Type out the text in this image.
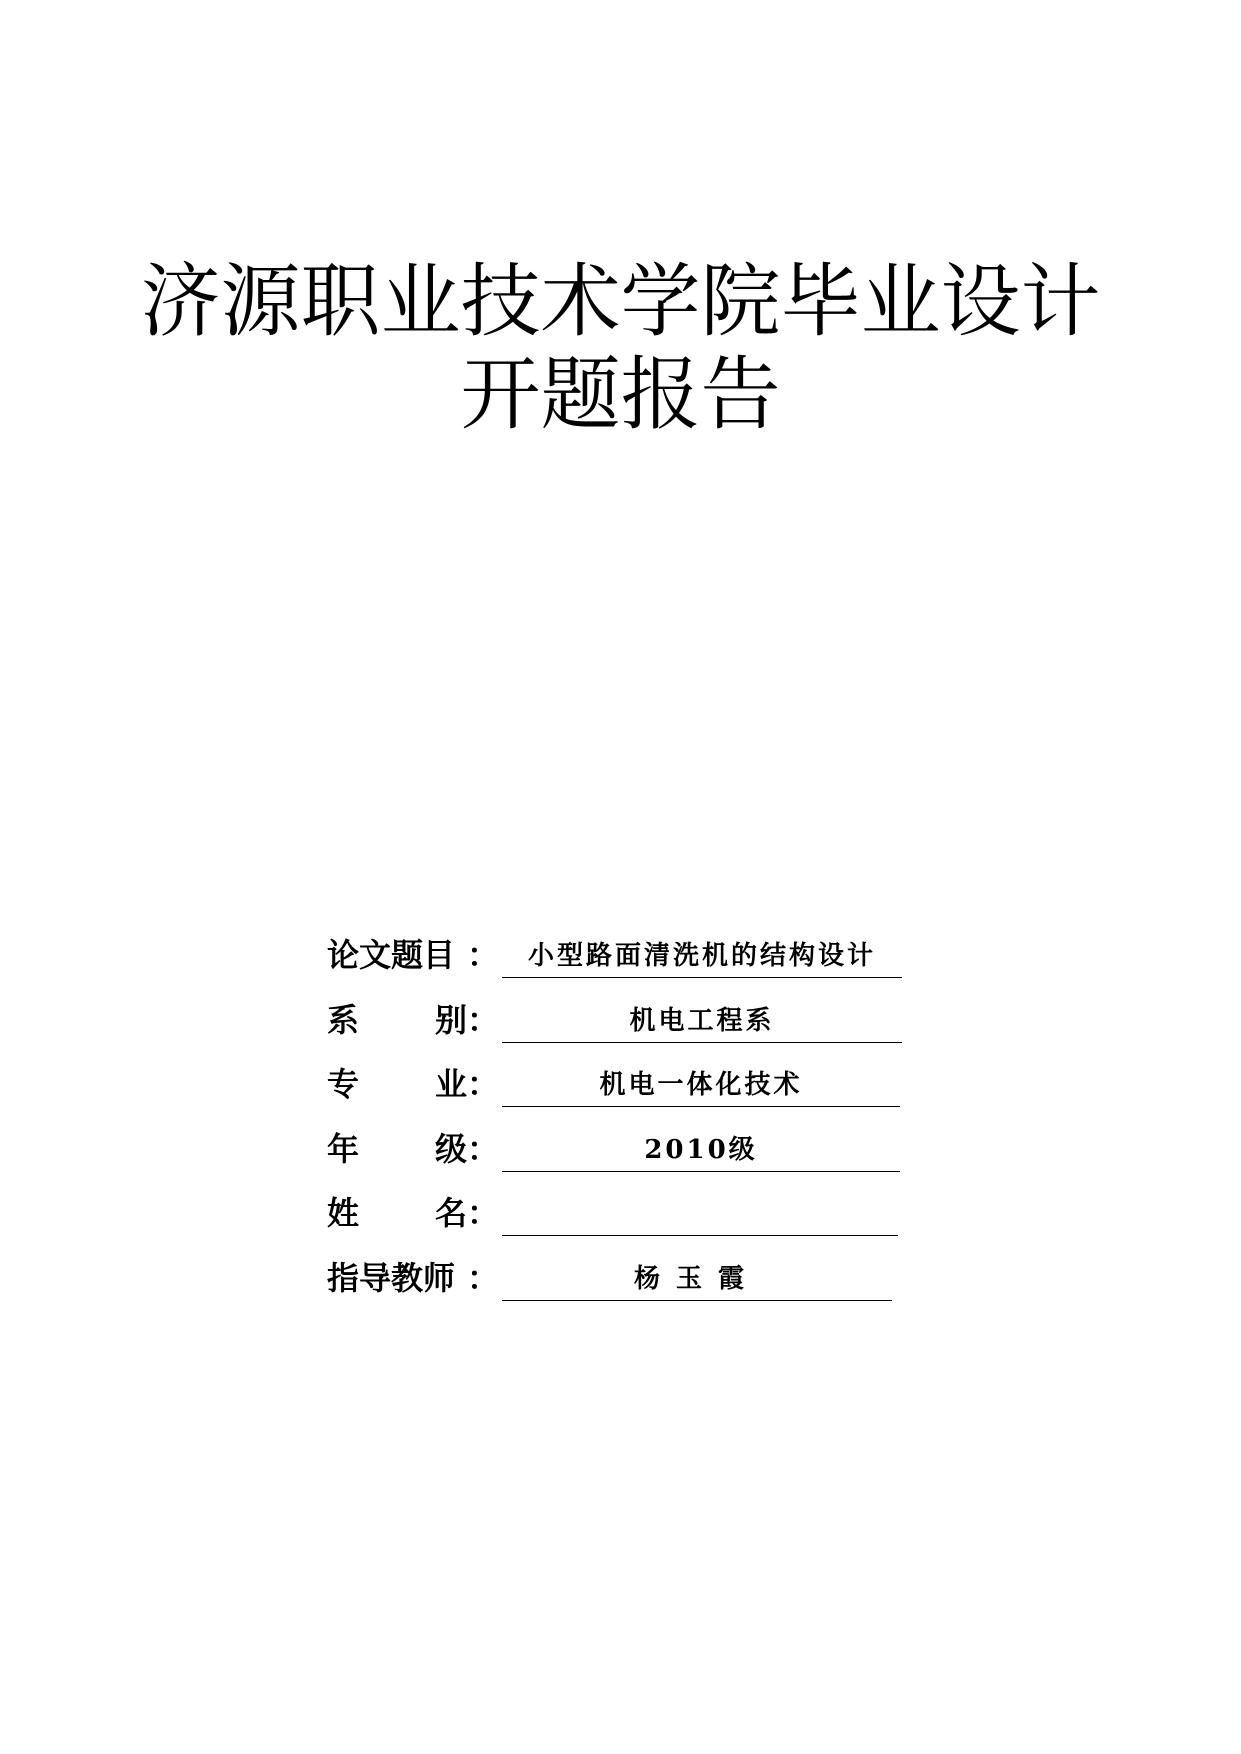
济源职业技术学院毕业设计
开题报告
论文题目 ：	小型路面清洗机的结构设计
系 别 ：	机电工程系
专 业 ：	机电一体化技术
年 级 ：	2010级
姓 名 ：
指导教师 ：	杨玉霞
